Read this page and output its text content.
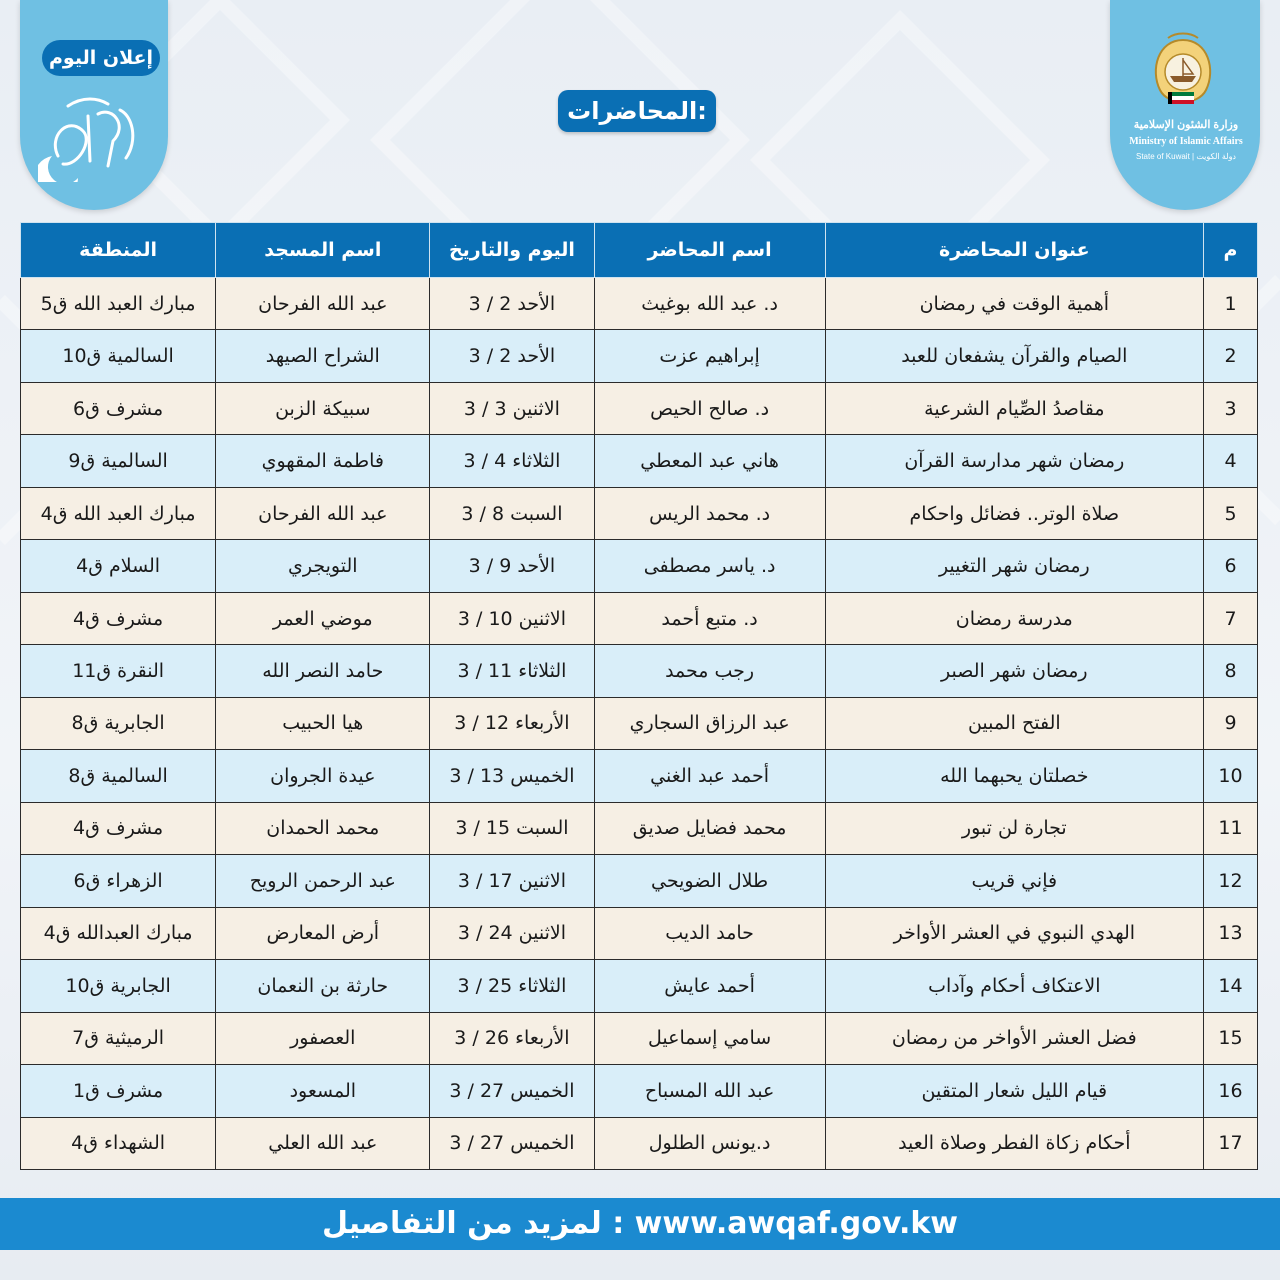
إعلان اليوم
وزارة الشئون الإسلامية
Ministry of Islamic Affairs
State of Kuwait | دولة الكويت
المحاضرات:
م	عنوان المحاضرة	اسم المحاضر	اليوم والتاريخ	اسم المسجد	المنطقة
1	أهمية الوقت في رمضان	د. عبد الله بوغيث	الأحد 2 / 3	عبد الله الفرحان	مبارك العبد الله ق5
2	الصيام والقرآن يشفعان للعبد	إبراهيم عزت	الأحد 2 / 3	الشراح الصيهد	السالمية ق10
3	مقاصدُ الصِّيام الشرعية	د. صالح الحيص	الاثنين 3 / 3	سبيكة الزبن	مشرف ق6
4	رمضان شهر مدارسة القرآن	هاني عبد المعطي	الثلاثاء 4 / 3	فاطمة المقهوي	السالمية ق9
5	صلاة الوتر.. فضائل واحكام	د. محمد الريس	السبت 8 / 3	عبد الله الفرحان	مبارك العبد الله ق4
6	رمضان شهر التغيير	د. ياسر مصطفى	الأحد 9 / 3	التويجري	السلام ق4
7	مدرسة رمضان	د. متبع أحمد	الاثنين 10 / 3	موضي العمر	مشرف ق4
8	رمضان شهر الصبر	رجب محمد	الثلاثاء 11 / 3	حامد النصر الله	النقرة ق11
9	الفتح المبين	عبد الرزاق السجاري	الأربعاء 12 / 3	هيا الحبيب	الجابرية ق8
10	خصلتان يحبهما الله	أحمد عبد الغني	الخميس 13 / 3	عيدة الجروان	السالمية ق8
11	تجارة لن تبور	محمد فضايل صديق	السبت 15 / 3	محمد الحمدان	مشرف ق4
12	فإني قريب	طلال الضويحي	الاثنين 17 / 3	عبد الرحمن الرويح	الزهراء ق6
13	الهدي النبوي في العشر الأواخر	حامد الديب	الاثنين 24 / 3	أرض المعارض	مبارك العبدالله ق4
14	الاعتكاف أحكام وآداب	أحمد عايش	الثلاثاء 25 / 3	حارثة بن النعمان	الجابرية ق10
15	فضل العشر الأواخر من رمضان	سامي إسماعيل	الأربعاء 26 / 3	العصفور	الرميثية ق7
16	قيام الليل شعار المتقين	عبد الله المسباح	الخميس 27 / 3	المسعود	مشرف ق1
17	أحكام زكاة الفطر وصلاة العيد	د.يونس الطلول	الخميس 27 / 3	عبد الله العلي	الشهداء ق4
لمزيد من التفاصيل : www.awqaf.gov.kw
